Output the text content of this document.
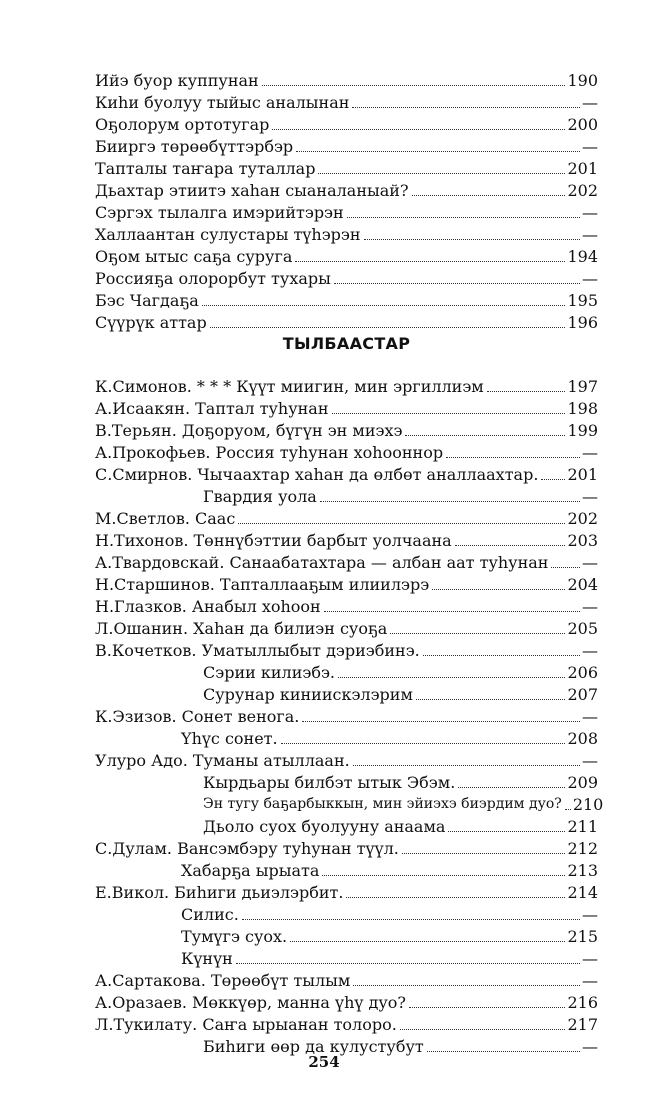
Ийэ буор куппунан	190
Киhи буолуу тыйыс аналынан	—
Оҕолорум ортотугар	200
Бииргэ төрөөбүттэрбэр	—
Тапталы таҥара туталлар	201
Дьахтар этиитэ хаhан сыаналаныай?	202
Сэргэх тылалга имэрийтэрэн	—
Халлаантан сулустары түhэрэн	—
Оҕом ытыс саҕа суруга	194
Россияҕа олорорбут тухары	—
Бэс Чагдаҕа	195
Сүүрүк аттар	196
ТЫЛБААСТАР
К.Симонов. * * * Күүт миигин, мин эргиллиэм	197
А.Исаакян. Таптал туhунан	198
В.Терьян. Доҕоруом, бүгүн эн миэхэ	199
А.Прокофьев. Россия туhунан хоhооннор	—
С.Смирнов. Чычаахтар хаhан да өлбөт аналлаахтар. 201
Гвардия уола	—
М.Светлов. Саас	202
Н.Тихонов. Төннүбэттии барбыт уолчаана	203
А.Твардовскай. Санаабатахтара — албан аат туhунан —
Н.Старшинов. Тапталлааҕым илиилэрэ	204
Н.Глазков. Анабыл хоhоон	—
Л.Ошанин. Хаhан да билиэн суоҕа	205
В.Кочетков. Уматыллыбыт дэриэбинэ.	—
Сэрии килиэбэ.	206
Сурунар киниискэлэрим	207
К.Эзизов. Сонет венога.	—
Үhүс сонет.	208
Улуро Адо. Туманы атыллаан.	—
Кырдьары билбэт ытык Эбэм.	209
Эн тугу баҕарбыккын, мин эйиэхэ биэрдим дуо? 210
Дьоло суох буолууну анаама	211
С.Дулам. Вансэмбэру туhунан түүл.	212
Хабарҕа ырыата	213
Е.Викол. Биhиги дьиэлэрбит.	214
Силис.	—
Тумүгэ суох.	215
Күнүн	—
А.Сартакова. Төрөөбүт тылым	—
А.Оразаев. Мөккүөр, манна үhү дуо?	216
Л.Тукилату. Саҥа ырыанан толоро.	217
Биhиги өөр да кулустубут	—
254
